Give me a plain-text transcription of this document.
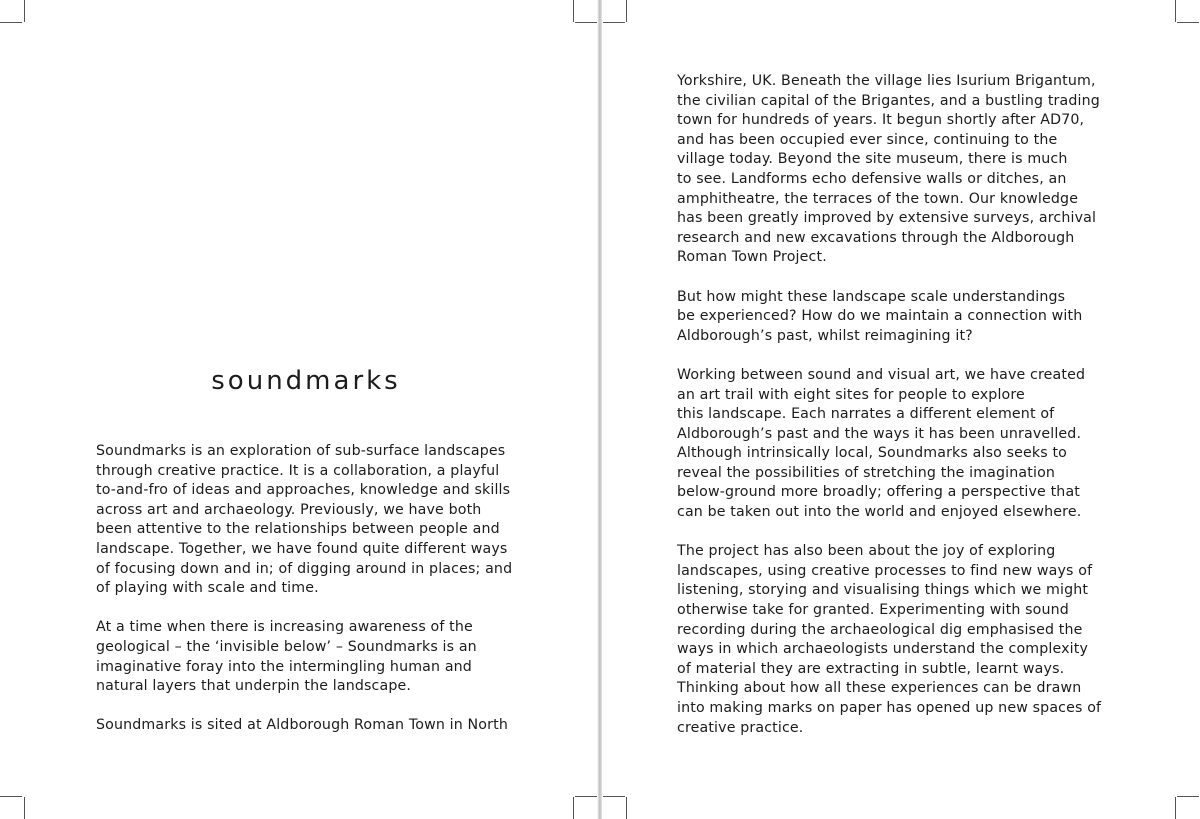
soundmarks

Soundmarks is an exploration of sub-surface landscapes
through creative practice. It is a collaboration, a playful
to-and-fro of ideas and approaches, knowledge and skills
across art and archaeology. Previously, we have both
been attentive to the relationships between people and
landscape. Together, we have found quite different ways
of focusing down and in; of digging around in places; and
of playing with scale and time.

At a time when there is increasing awareness of the
geological – the ‘invisible below’ – Soundmarks is an
imaginative foray into the intermingling human and
natural layers that underpin the landscape.

Soundmarks is sited at Aldborough Roman Town in North

Yorkshire, UK. Beneath the village lies Isurium Brigantum,
the civilian capital of the Brigantes, and a bustling trading
town for hundreds of years. It begun shortly after AD70,
and has been occupied ever since, continuing to the
village today. Beyond the site museum, there is much
to see. Landforms echo defensive walls or ditches, an
amphitheatre, the terraces of the town. Our knowledge
has been greatly improved by extensive surveys, archival
research and new excavations through the Aldborough
Roman Town Project.

But how might these landscape scale understandings
be experienced? How do we maintain a connection with
Aldborough’s past, whilst reimagining it?

Working between sound and visual art, we have created
an art trail with eight sites for people to explore
this landscape. Each narrates a different element of
Aldborough’s past and the ways it has been unravelled.
Although intrinsically local, Soundmarks also seeks to
reveal the possibilities of stretching the imagination
below-ground more broadly; offering a perspective that
can be taken out into the world and enjoyed elsewhere.

The project has also been about the joy of exploring
landscapes, using creative processes to find new ways of
listening, storying and visualising things which we might
otherwise take for granted. Experimenting with sound
recording during the archaeological dig emphasised the
ways in which archaeologists understand the complexity
of material they are extracting in subtle, learnt ways.
Thinking about how all these experiences can be drawn
into making marks on paper has opened up new spaces of
creative practice.
